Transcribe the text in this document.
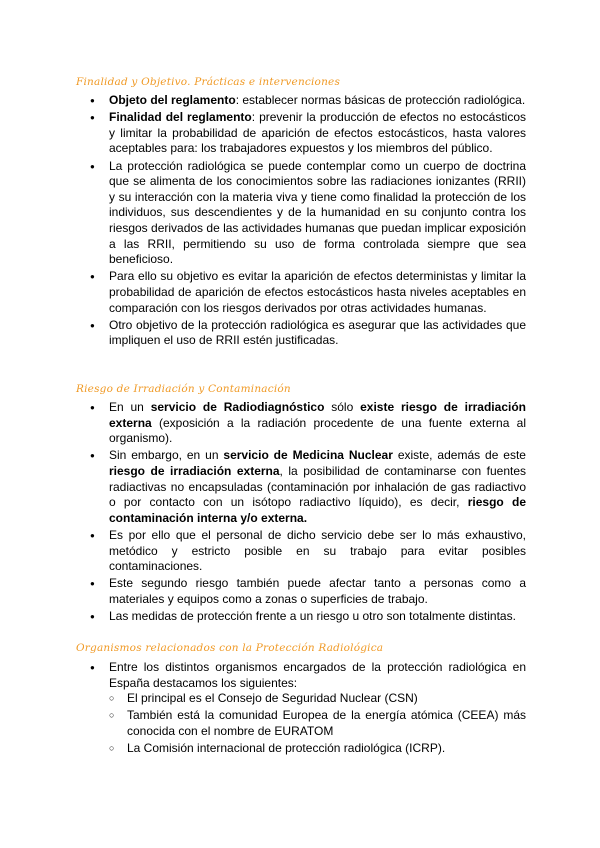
Finalidad y Objetivo. Prácticas e intervenciones
● Objeto del reglamento: establecer normas básicas de protección radiológica.
● Finalidad del reglamento: prevenir la producción de efectos no estocásticos y limitar la probabilidad de aparición de efectos estocásticos, hasta valores aceptables para: los trabajadores expuestos y los miembros del público.
● La protección radiológica se puede contemplar como un cuerpo de doctrina que se alimenta de los conocimientos sobre las radiaciones ionizantes (RRII) y su interacción con la materia viva y tiene como finalidad la protección de los individuos, sus descendientes y de la humanidad en su conjunto contra los riesgos derivados de las actividades humanas que puedan implicar exposición a las RRII, permitiendo su uso de forma controlada siempre que sea beneficioso.
● Para ello su objetivo es evitar la aparición de efectos deterministas y limitar la probabilidad de aparición de efectos estocásticos hasta niveles aceptables en comparación con los riesgos derivados por otras actividades humanas.
● Otro objetivo de la protección radiológica es asegurar que las actividades que impliquen el uso de RRII estén justificadas.
Riesgo de Irradiación y Contaminación
● En un servicio de Radiodiagnóstico sólo existe riesgo de irradiación externa (exposición a la radiación procedente de una fuente externa al organismo).
● Sin embargo, en un servicio de Medicina Nuclear existe, además de este riesgo de irradiación externa, la posibilidad de contaminarse con fuentes radiactivas no encapsuladas (contaminación por inhalación de gas radiactivo o por contacto con un isótopo radiactivo líquido), es decir, riesgo de contaminación interna y/o externa.
● Es por ello que el personal de dicho servicio debe ser lo más exhaustivo, metódico y estricto posible en su trabajo para evitar posibles contaminaciones.
● Este segundo riesgo también puede afectar tanto a personas como a materiales y equipos como a zonas o superficies de trabajo.
● Las medidas de protección frente a un riesgo u otro son totalmente distintas.
Organismos relacionados con la Protección Radiológica
● Entre los distintos organismos encargados de la protección radiológica en España destacamos los siguientes:
○ El principal es el Consejo de Seguridad Nuclear (CSN)
○ También está la comunidad Europea de la energía atómica (CEEA) más conocida con el nombre de EURATOM
○ La Comisión internacional de protección radiológica (ICRP).
